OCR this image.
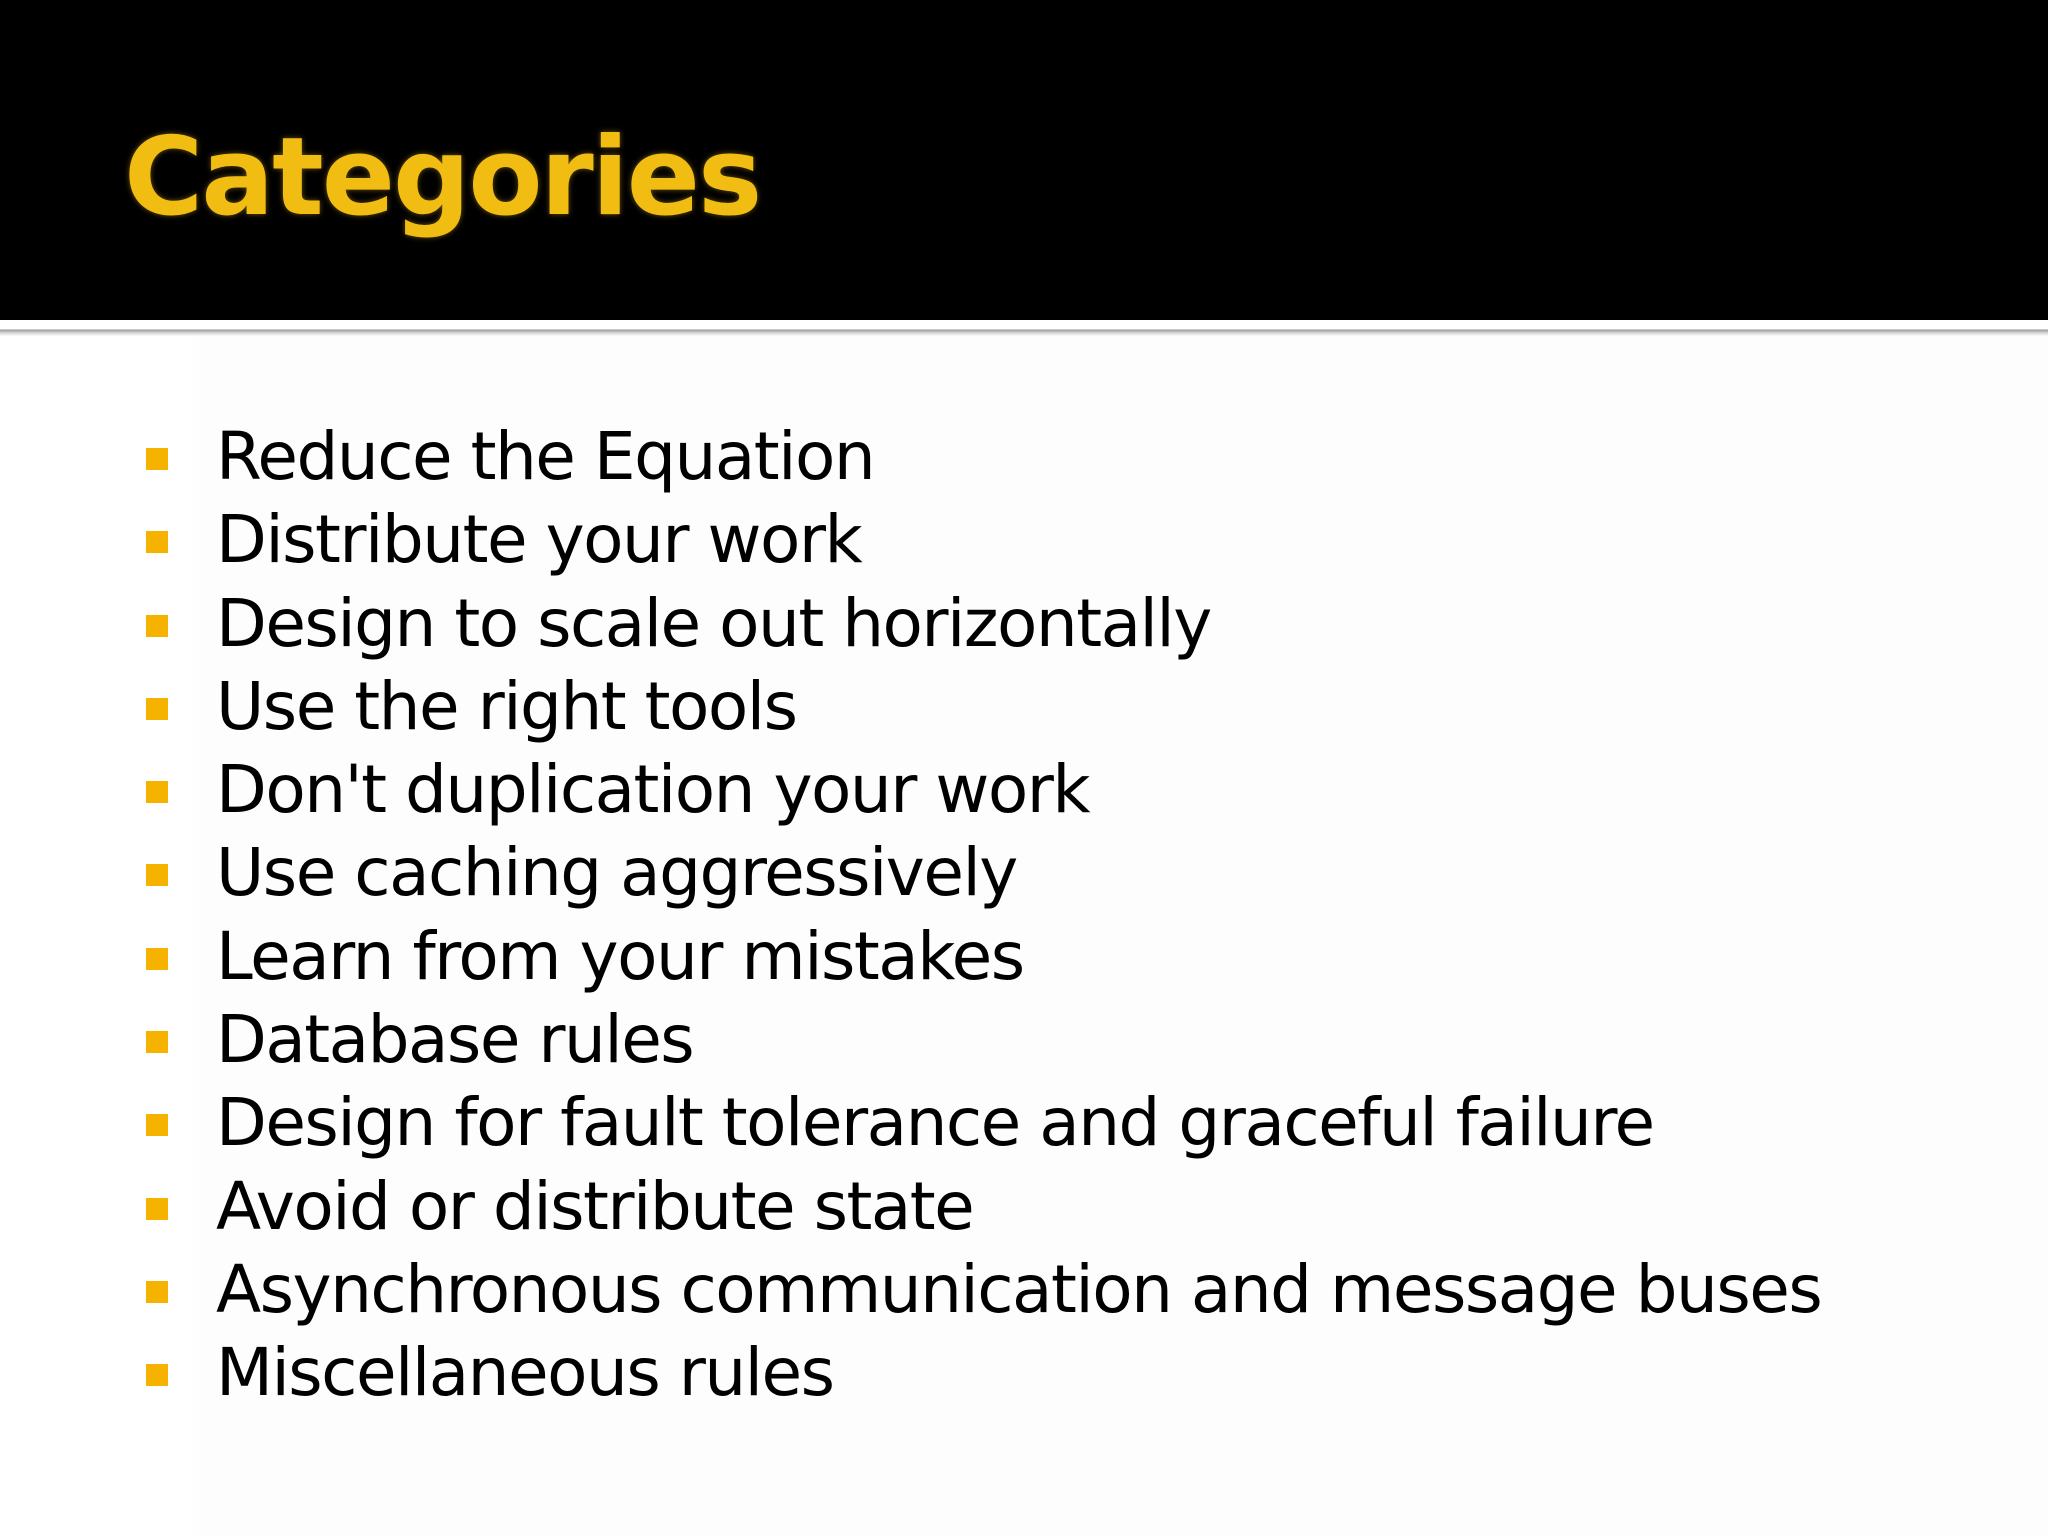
Categories
Reduce the Equation
Distribute your work
Design to scale out horizontally
Use the right tools
Don't duplication your work
Use caching aggressively
Learn from your mistakes
Database rules
Design for fault tolerance and graceful failure
Avoid or distribute state
Asynchronous communication and message buses
Miscellaneous rules
